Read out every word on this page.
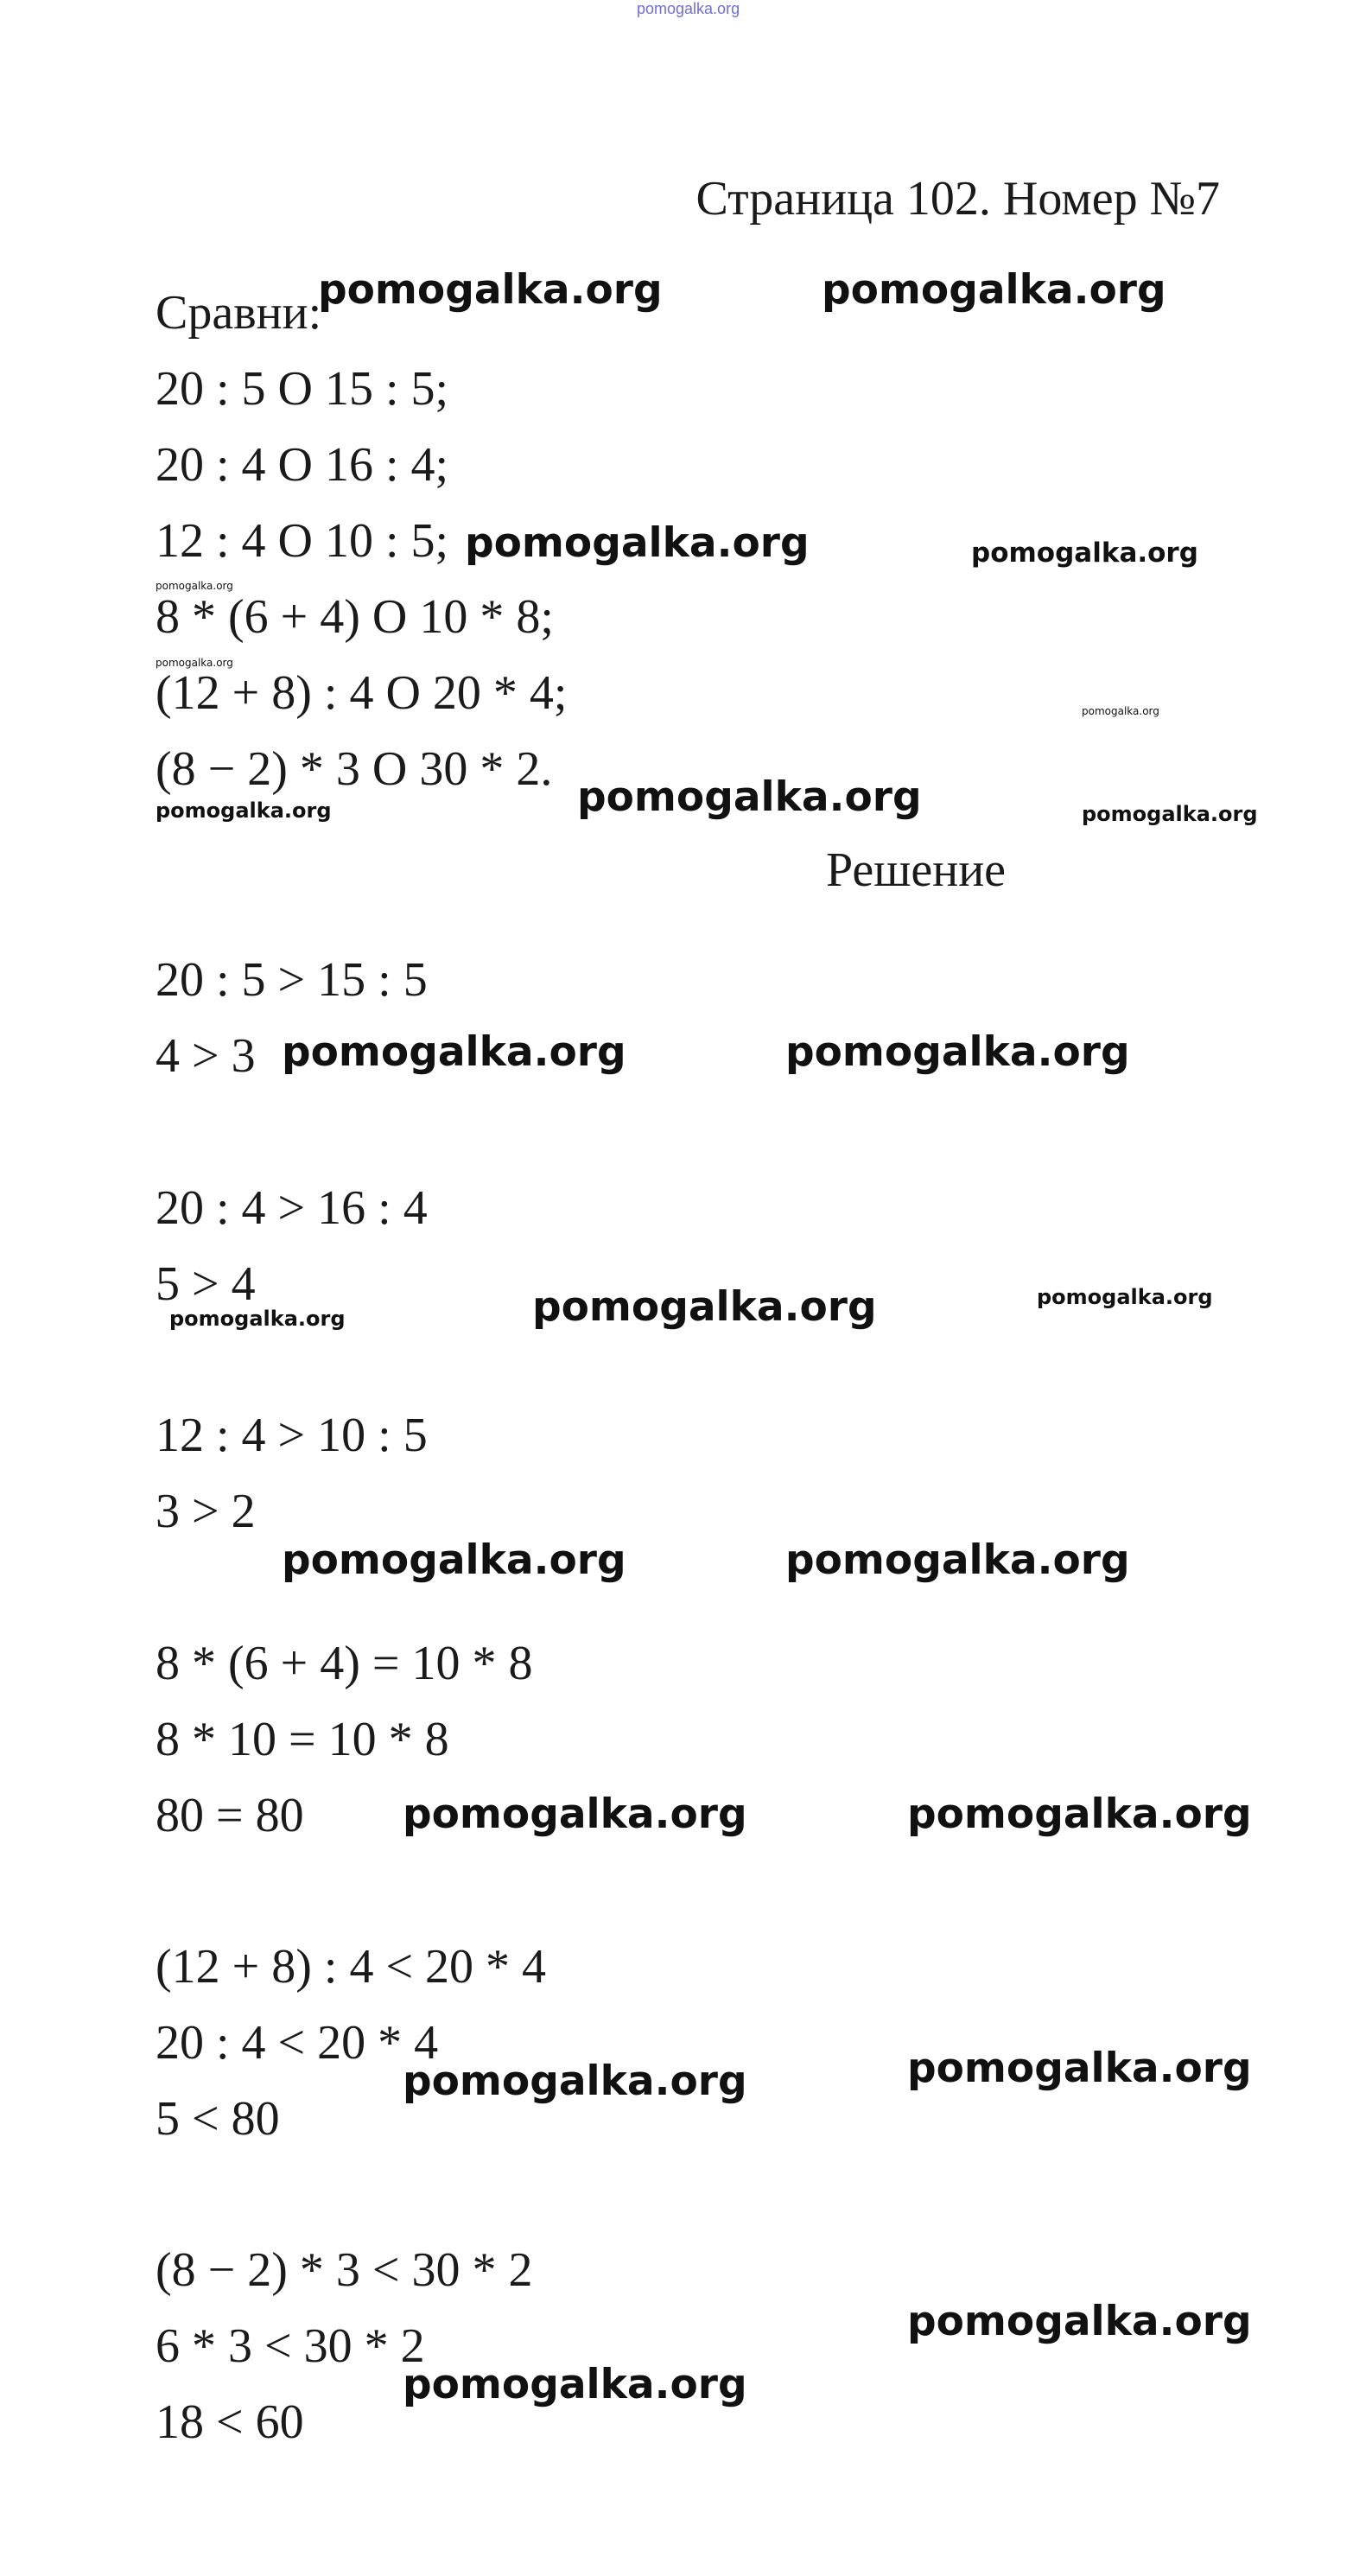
pomogalka.org
Страница 102. Номер №7
Сравни:
20 : 5 O 15 : 5;
20 : 4 O 16 : 4;
12 : 4 O 10 : 5;
8 * (6 + 4) O 10 * 8;
(12 + 8) : 4 O 20 * 4;
(8 − 2) * 3 O 30 * 2.
Решение
20 : 5 > 15 : 5
4 > 3
20 : 4 > 16 : 4
5 > 4
12 : 4 > 10 : 5
3 > 2
8 * (6 + 4) = 10 * 8
8 * 10 = 10 * 8
80 = 80
(12 + 8) : 4 < 20 * 4
20 : 4 < 20 * 4
5 < 80
(8 − 2) * 3 < 30 * 2
6 * 3 < 30 * 2
18 < 60
pomogalka.org	pomogalka.org
pomogalka.org	pomogalka.org
pomogalka.org
pomogalka.org
pomogalka.org
pomogalka.org	pomogalka.org	pomogalka.org
pomogalka.org	pomogalka.org
pomogalka.org	pomogalka.org	pomogalka.org
pomogalka.org	pomogalka.org
pomogalka.org	pomogalka.org
pomogalka.org	pomogalka.org
pomogalka.org
pomogalka.org
